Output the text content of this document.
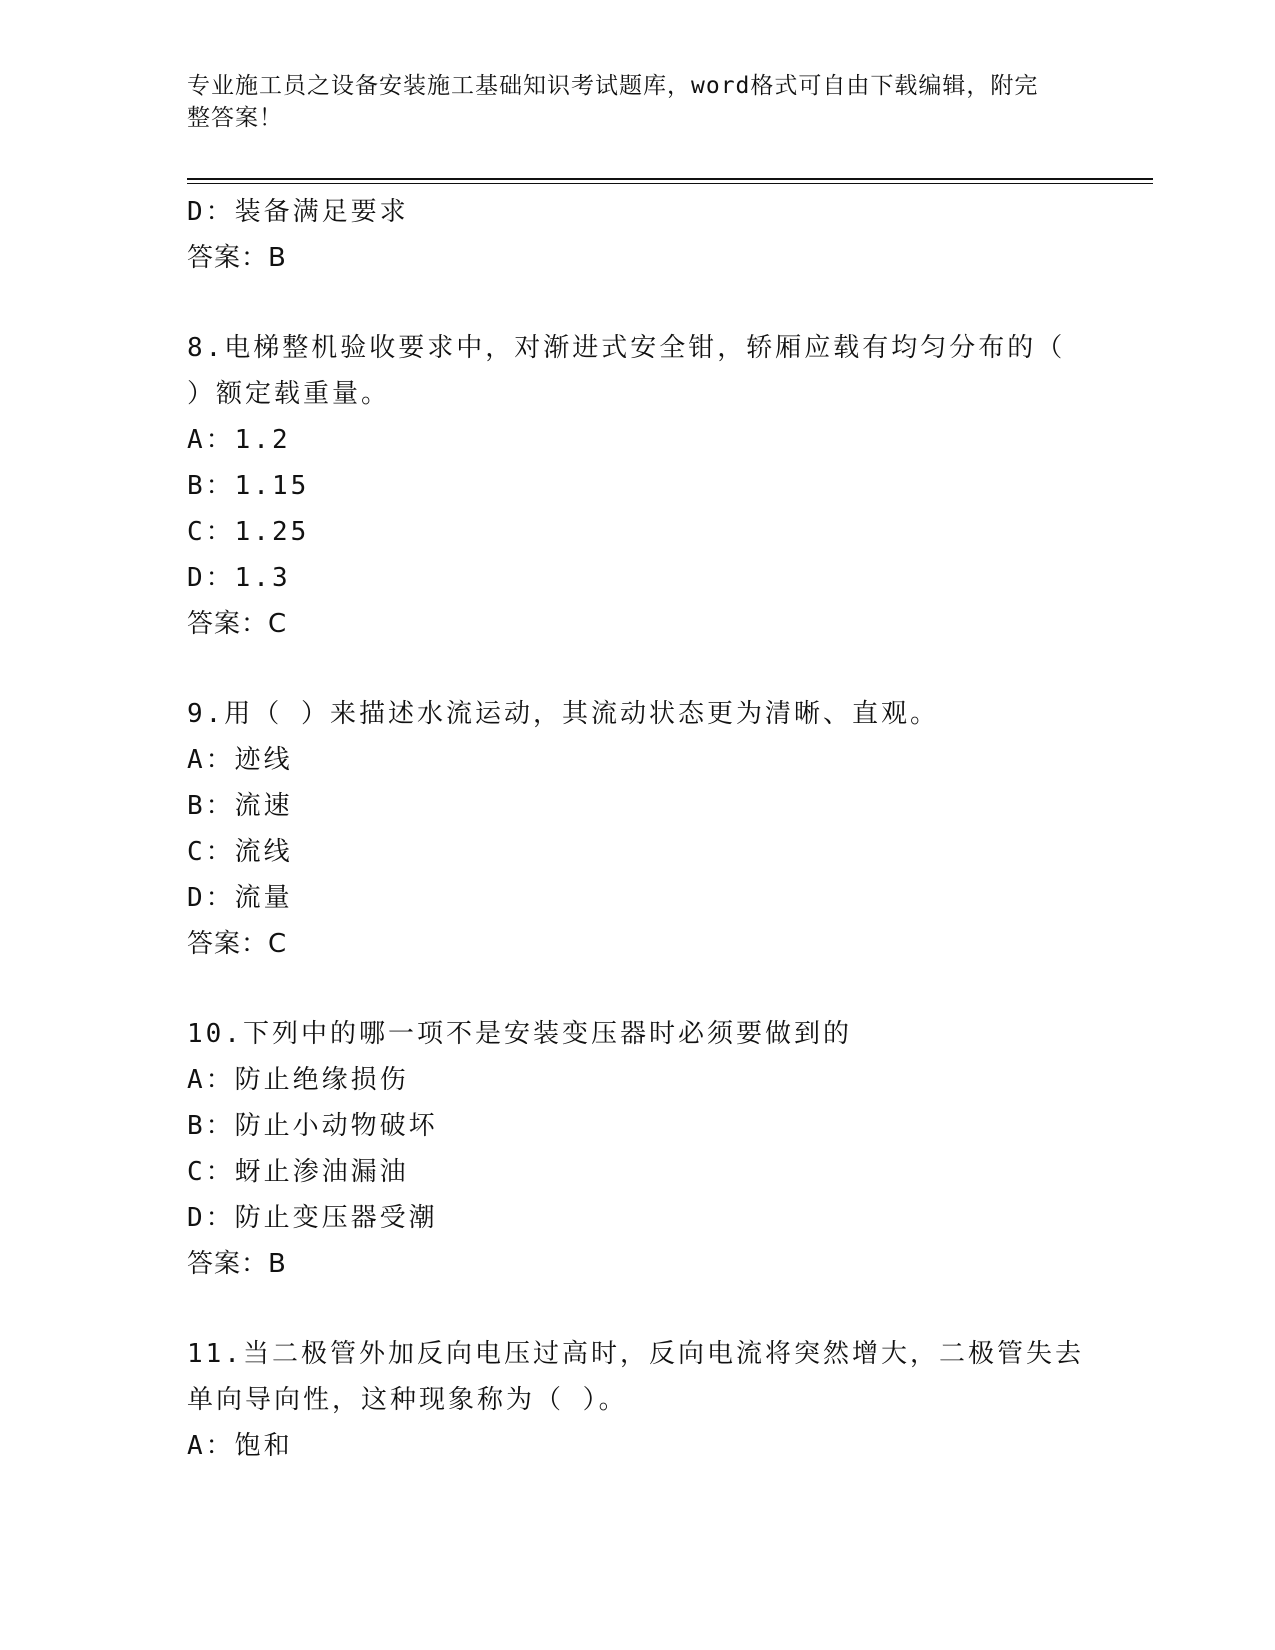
专业施工员之设备安装施工基础知识考试题库，word格式可自由下载编辑，附完
整答案！
D：装备满足要求
答案：B
8.电梯整机验收要求中，对渐进式安全钳，轿厢应载有均匀分布的（
）额定载重量。
A：1.2
B：1.15
C：1.25
D：1.3
答案：C
9.用（ ）来描述水流运动，其流动状态更为清晰、直观。
A：迹线
B：流速
C：流线
D：流量
答案：C
10.下列中的哪一项不是安装变压器时必须要做到的
A：防止绝缘损伤
B：防止小动物破坏
C：蚜止渗油漏油
D：防止变压器受潮
答案：B
11.当二极管外加反向电压过高时，反向电流将突然增大，二极管失去
单向导向性，这种现象称为（ ）。
A：饱和
